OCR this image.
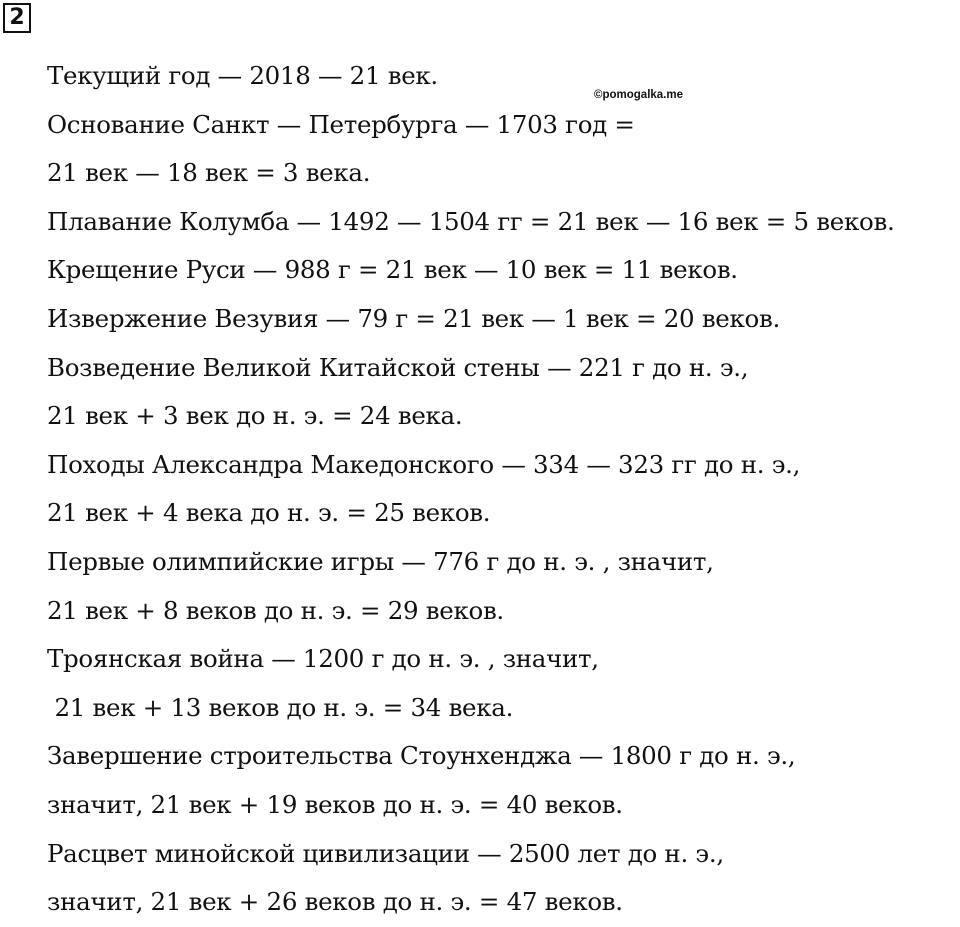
2
©pomogalka.me
Текущий год — 2018 — 21 век.
Основание Санкт — Петербурга — 1703 год =
21 век — 18 век = 3 века.
Плавание Колумба — 1492 — 1504 гг = 21 век — 16 век = 5 веков.
Крещение Руси — 988 г = 21 век — 10 век = 11 веков.
Извержение Везувия — 79 г = 21 век — 1 век = 20 веков.
Возведение Великой Китайской стены — 221 г до н. э.,
21 век + 3 век до н. э. = 24 века.
Походы Александра Македонского — 334 — 323 гг до н. э.,
21 век + 4 века до н. э. = 25 веков.
Первые олимпийские игры — 776 г до н. э. , значит,
21 век + 8 веков до н. э. = 29 веков.
Троянская война — 1200 г до н. э. , значит,
21 век + 13 веков до н. э. = 34 века.
Завершение строительства Стоунхенджа — 1800 г до н. э.,
значит, 21 век + 19 веков до н. э. = 40 веков.
Расцвет минойской цивилизации — 2500 лет до н. э.,
значит, 21 век + 26 веков до н. э. = 47 веков.
